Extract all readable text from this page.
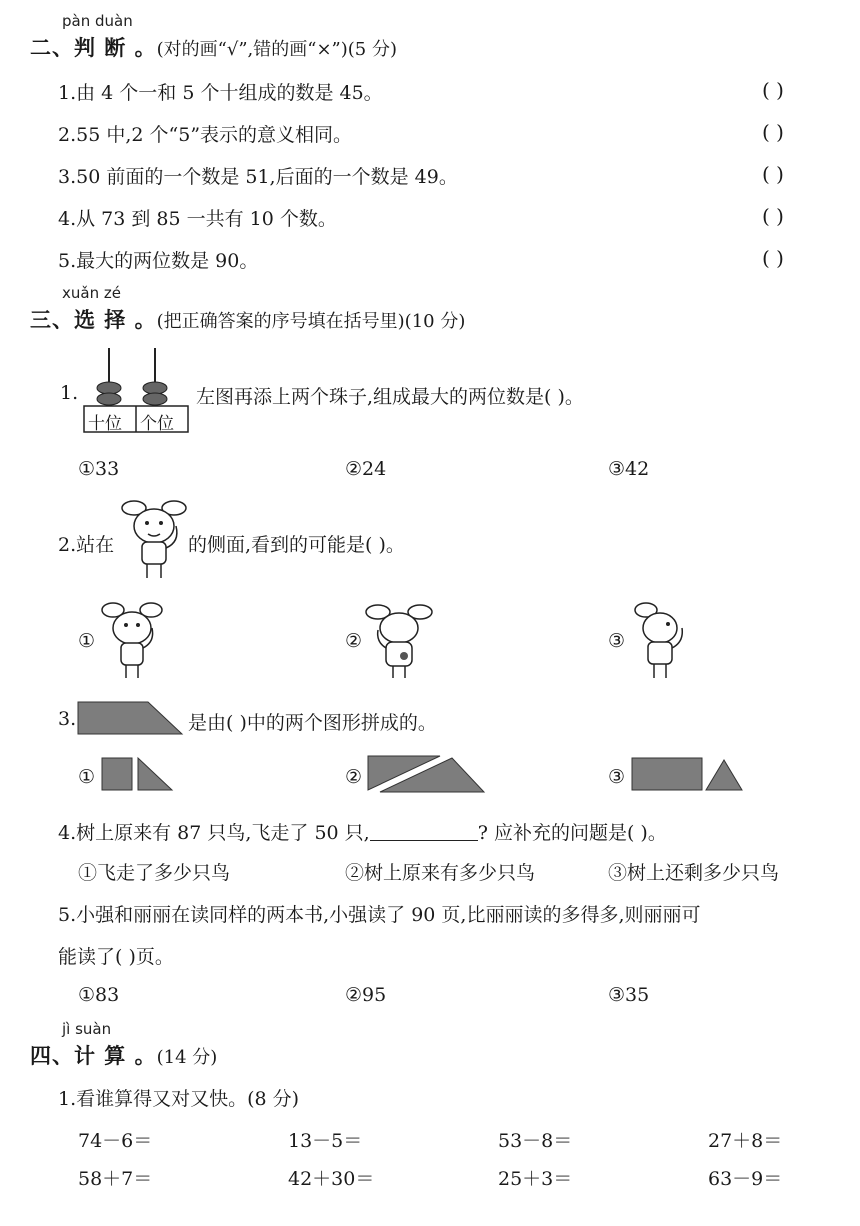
pàn duàn
二、判 断 。(对的画“√”,错的画“×”)(5 分)
1.由 4 个一和 5 个十组成的数是 45。	( )
2.55 中,2 个“5”表示的意义相同。	( )
3.50 前面的一个数是 51,后面的一个数是 49。	( )
4.从 73 到 85 一共有 10 个数。	( )
5.最大的两位数是 90。	( )
xuǎn zé
三、选 择 。(把正确答案的序号填在括号里)(10 分)
1.
十位 个位
左图再添上两个珠子,组成最大的两位数是( )。
①33	②24	③42
2.站在	的侧面,看到的可能是( )。
①	②	③
3.	是由( )中的两个图形拼成的。
①	②	③
4.树上原来有 87 只鸟,飞走了 50 只,	? 应补充的问题是( )。
①飞走了多少只鸟	②树上原来有多少只鸟	③树上还剩多少只鸟
5.小强和丽丽在读同样的两本书,小强读了 90 页,比丽丽读的多得多,则丽丽可
能读了( )页。
①83	②95	③35
jì suàn
四、计 算 。(14 分)
1.看谁算得又对又快。(8 分)
74－6＝	13－5＝	53－8＝	27＋8＝
58＋7＝	42＋30＝	25＋3＝	63－9＝
